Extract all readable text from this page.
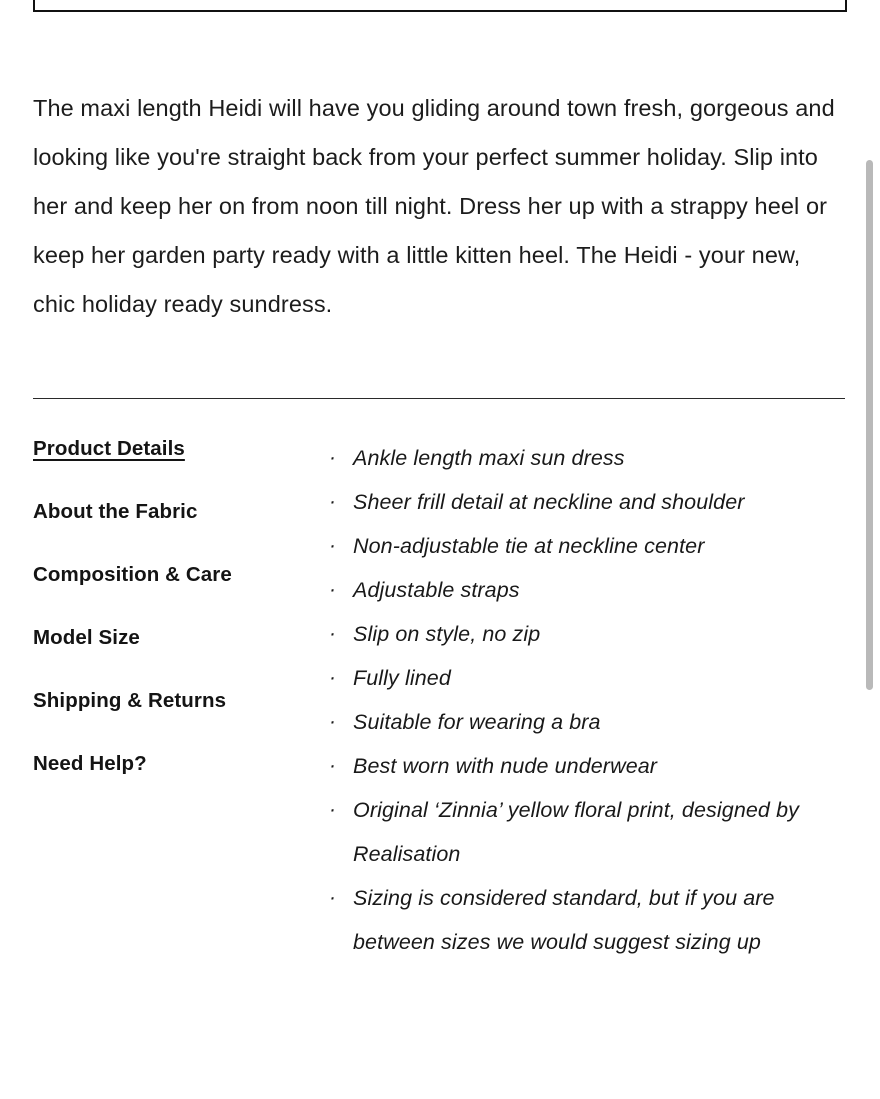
The maxi length Heidi will have you gliding around town fresh, gorgeous and looking like you're straight back from your perfect summer holiday. Slip into her and keep her on from noon till night. Dress her up with a strappy heel or keep her garden party ready with a little kitten heel. The Heidi - your new, chic holiday ready sundress.

Product Details
About the Fabric
Composition & Care
Model Size
Shipping & Returns
Need Help?
· Ankle length maxi sun dress
· Sheer frill detail at neckline and shoulder
· Non-adjustable tie at neckline center
· Adjustable straps
· Slip on style, no zip
· Fully lined
· Suitable for wearing a bra
· Best worn with nude underwear
· Original ‘Zinnia’ yellow floral print, designed by Realisation
· Sizing is considered standard, but if you are between sizes we would suggest sizing up
